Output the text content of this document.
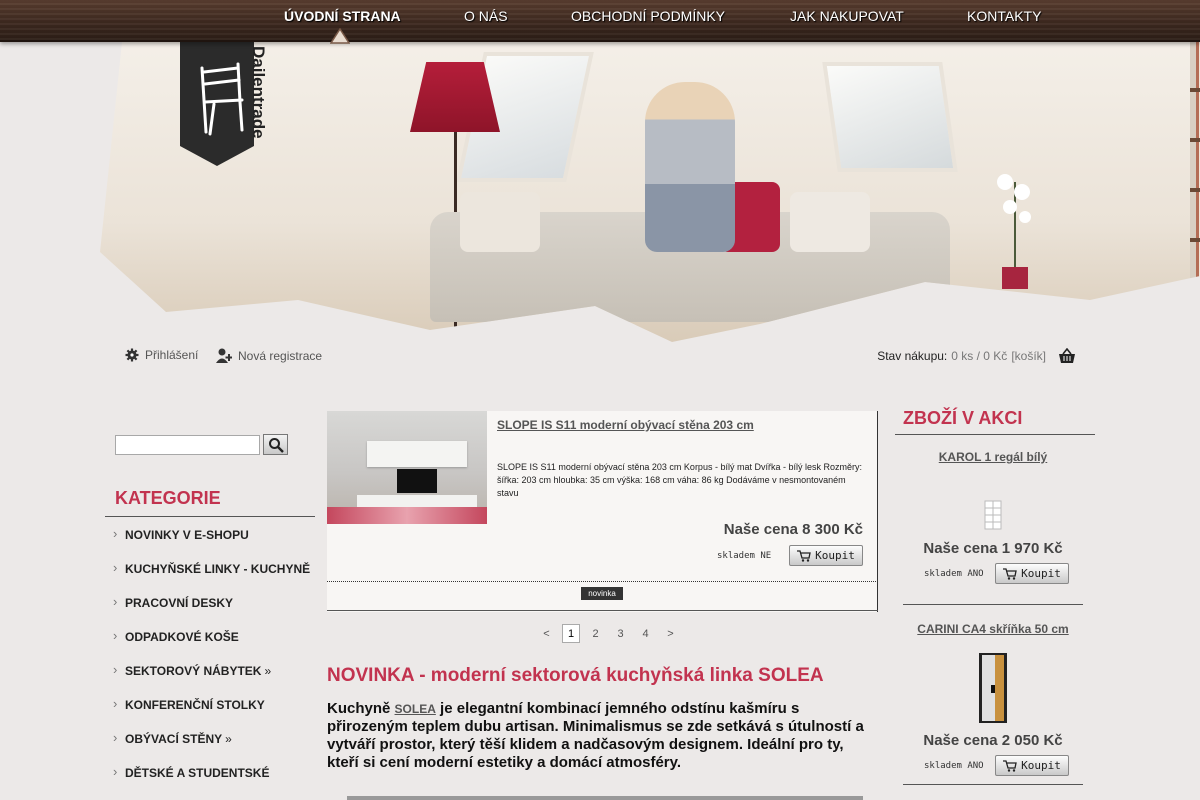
ÚVODNÍ STRANA	O NÁS	OBCHODNÍ PODMÍNKY	JAK NAKUPOVAT	KONTAKTY
Dailentrade
Přihlášení	Nová registrace	Stav nákupu: 0 ks / 0 Kč [košík]
KATEGORIE
› NOVINKY V E-SHOPU
› KUCHYŇSKÉ LINKY - KUCHYNĚ
› PRACOVNÍ DESKY
› ODPADKOVÉ KOŠE
› SEKTOROVÝ NÁBYTEK »
› KONFERENČNÍ STOLKY
› OBÝVACÍ STĚNY »
› DĚTSKÉ A STUDENTSKÉ
SLOPE IS S11 moderní obývací stěna 203 cm
SLOPE IS S11 moderní obývací stěna 203 cm Korpus - bílý mat Dvířka - bílý lesk Rozměry: šířka: 203 cm hloubka: 35 cm výška: 168 cm váha: 86 kg Dodáváme v nesmontovaném stavu
Naše cena 8 300 Kč
skladem NE	Koupit
novinka
<	1	2	3	4	>
NOVINKA - moderní sektorová kuchyňská linka SOLEA
Kuchyně SOLEA je elegantní kombinací jemného odstínu kašmíru s přirozeným teplem dubu artisan. Minimalismus se zde setkává s útulností a vytváří prostor, který těší klidem a nadčasovým designem. Ideální pro ty, kteří si cení moderní estetiky a domácí atmosféry.
ZBOŽÍ V AKCI
KAROL 1 regál bílý
Naše cena 1 970 Kč
skladem ANO	Koupit
CARINI CA4 skříňka 50 cm
Naše cena 2 050 Kč
skladem ANO	Koupit
